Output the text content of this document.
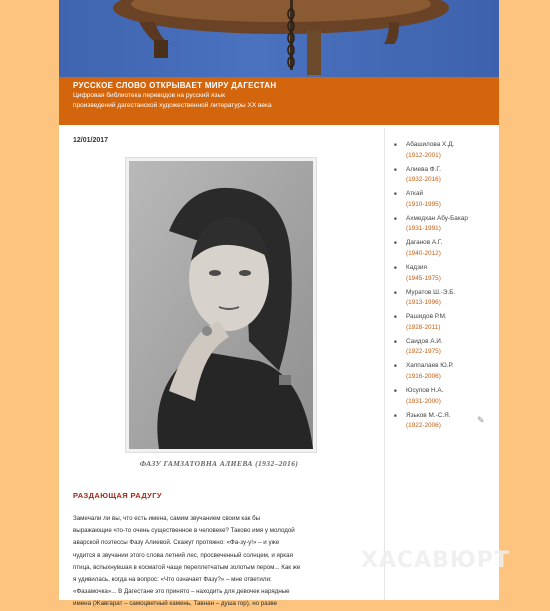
РУССКОЕ СЛОВО ОТКРЫВАЕТ МИРУ ДАГЕСТАН
Цифровая библиотека переводов на русский язык
произведений дагестанской художественной литературы XX века
12/01/2017
ФАЗУ ГАМЗАТОВНА АЛИЕВА (1932–2016)
РАЗДАЮЩАЯ РАДУГУ
Замечали ли вы, что есть имена, самим звучанием своим как бы
выражающие что-то очень существенное в человеке? Таково имя у молодой
аварской поэтессы Фазу Алиевой. Скажут протяжно: «Фа-зу-у!» – и уже
чудится в звучании этого слова летний лес, просвеченный солнцем, и яркая
птица, вспыхнувшая в косматой чаще переплетчатым золотым пером... Как же
я удивилась, когда на вопрос: «Что означает Фазу?» – мне ответили:
«Фазамочка»... В Дагестане это принято – находить для девочек нарядные
имена (Жавгарат – самоцветный камень, Тавнан – душа гор), но разве
■ Абашилова Х.Д.
(1912-2001)
■ Алиева Ф.Г.
(1932-2016)
■ Аткай
(1910-1995)
■ Ахмедхан Абу-Бакар
(1931-1991)
■ Даганов А.Г.
(1940-2012)
■ Кадзия
(1945-1975)
■ Муратов Ш.-Э.Б.
(1913-1996)
■ Рашидов Р.М.
(1928-2011)
■ Саидов А.И.
(1922-1975)
■ Хаппалаев Ю.Р.
(1916-2006)
■ Юсупов Н.А.
(1931-2000)
■ Язьков М.-С.Я.
(1922-2006)
✎
ХАСАВЮРТ
